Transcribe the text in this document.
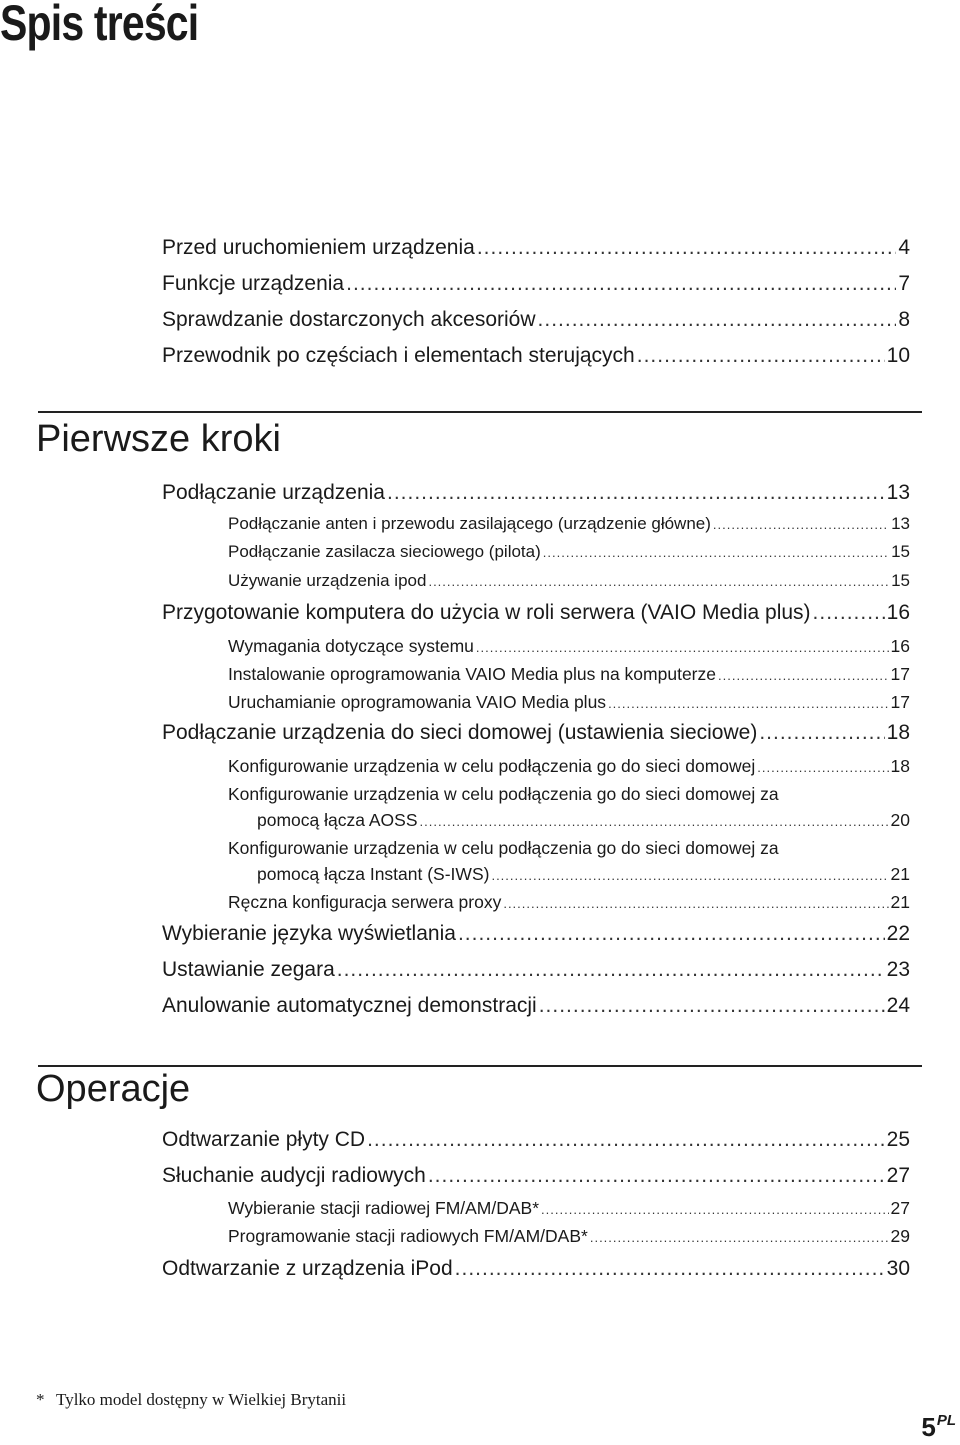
Spis treści
Przed uruchomieniem urządzenia .....	4
Funkcje urządzenia .....	7
Sprawdzanie dostarczonych akcesoriów .....	8
Przewodnik po częściach i elementach sterujących .....	10
Pierwsze kroki
Podłączanie urządzenia .....	13
Podłączanie anten i przewodu zasilającego (urządzenie główne) .....	13
Podłączanie zasilacza sieciowego (pilota) .....	15
Używanie urządzenia ipod .....	15
Przygotowanie komputera do użycia w roli serwera (VAIO Media plus) .....	16
Wymagania dotyczące systemu .....	16
Instalowanie oprogramowania VAIO Media plus na komputerze .....	17
Uruchamianie oprogramowania VAIO Media plus .....	17
Podłączanie urządzenia do sieci domowej (ustawienia sieciowe) .....	18
Konfigurowanie urządzenia w celu podłączenia go do sieci domowej .....	18
Konfigurowanie urządzenia w celu podłączenia go do sieci domowej za
pomocą łącza AOSS .....	20
Konfigurowanie urządzenia w celu podłączenia go do sieci domowej za
pomocą łącza Instant (S-IWS) .....	21
Ręczna konfiguracja serwera proxy .....	21
Wybieranie języka wyświetlania .....	22
Ustawianie zegara .....	23
Anulowanie automatycznej demonstracji .....	24
Operacje
Odtwarzanie płyty CD .....	25
Słuchanie audycji radiowych .....	27
Wybieranie stacji radiowej FM/AM/DAB* .....	27
Programowanie stacji radiowych FM/AM/DAB* .....	29
Odtwarzanie z urządzenia iPod .....	30
* Tylko model dostępny w Wielkiej Brytanii
$5^{PL}$
